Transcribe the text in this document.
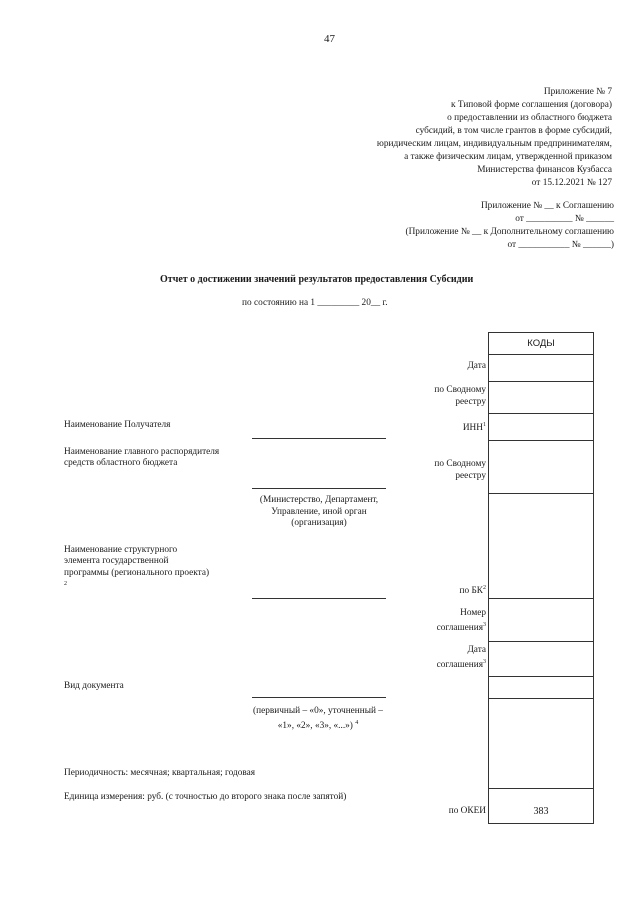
47
Приложение № 7
к Типовой форме соглашения (договора)
о предоставлении из областного бюджета
субсидий, в том числе грантов в форме субсидий,
юридическим лицам, индивидуальным предпринимателям,
а также физическим лицам, утвержденной приказом
Министерства финансов Кузбасса
от 15.12.2021 № 127
Приложение № __ к Соглашению
от __________ № ______
(Приложение № __ к Дополнительному соглашению
от ___________ № ______)
Отчет о достижении значений результатов предоставления Субсидии
по состоянию на 1 _________ 20__ г.
Дата
по Сводному реестру
ИНН$^1$
по Сводному реестру
по $БК^2$
Номер соглашения$^3$
Дата соглашения$^3$
по ОКЕИ
КОДЫ
383
Наименование Получателя
Наименование главного распорядителя средств областного бюджета
Наименование структурного элемента государственной программы (регионального проекта) $^2$
Вид документа
Периодичность: месячная; квартальная; годовая
Единица измерения: руб. (с точностью до второго знака после запятой)
(Министерство, Департамент, Управление, иной орган (организация)
(первичный – «0», уточненный – «1», «2», «3», «...») $^4$
